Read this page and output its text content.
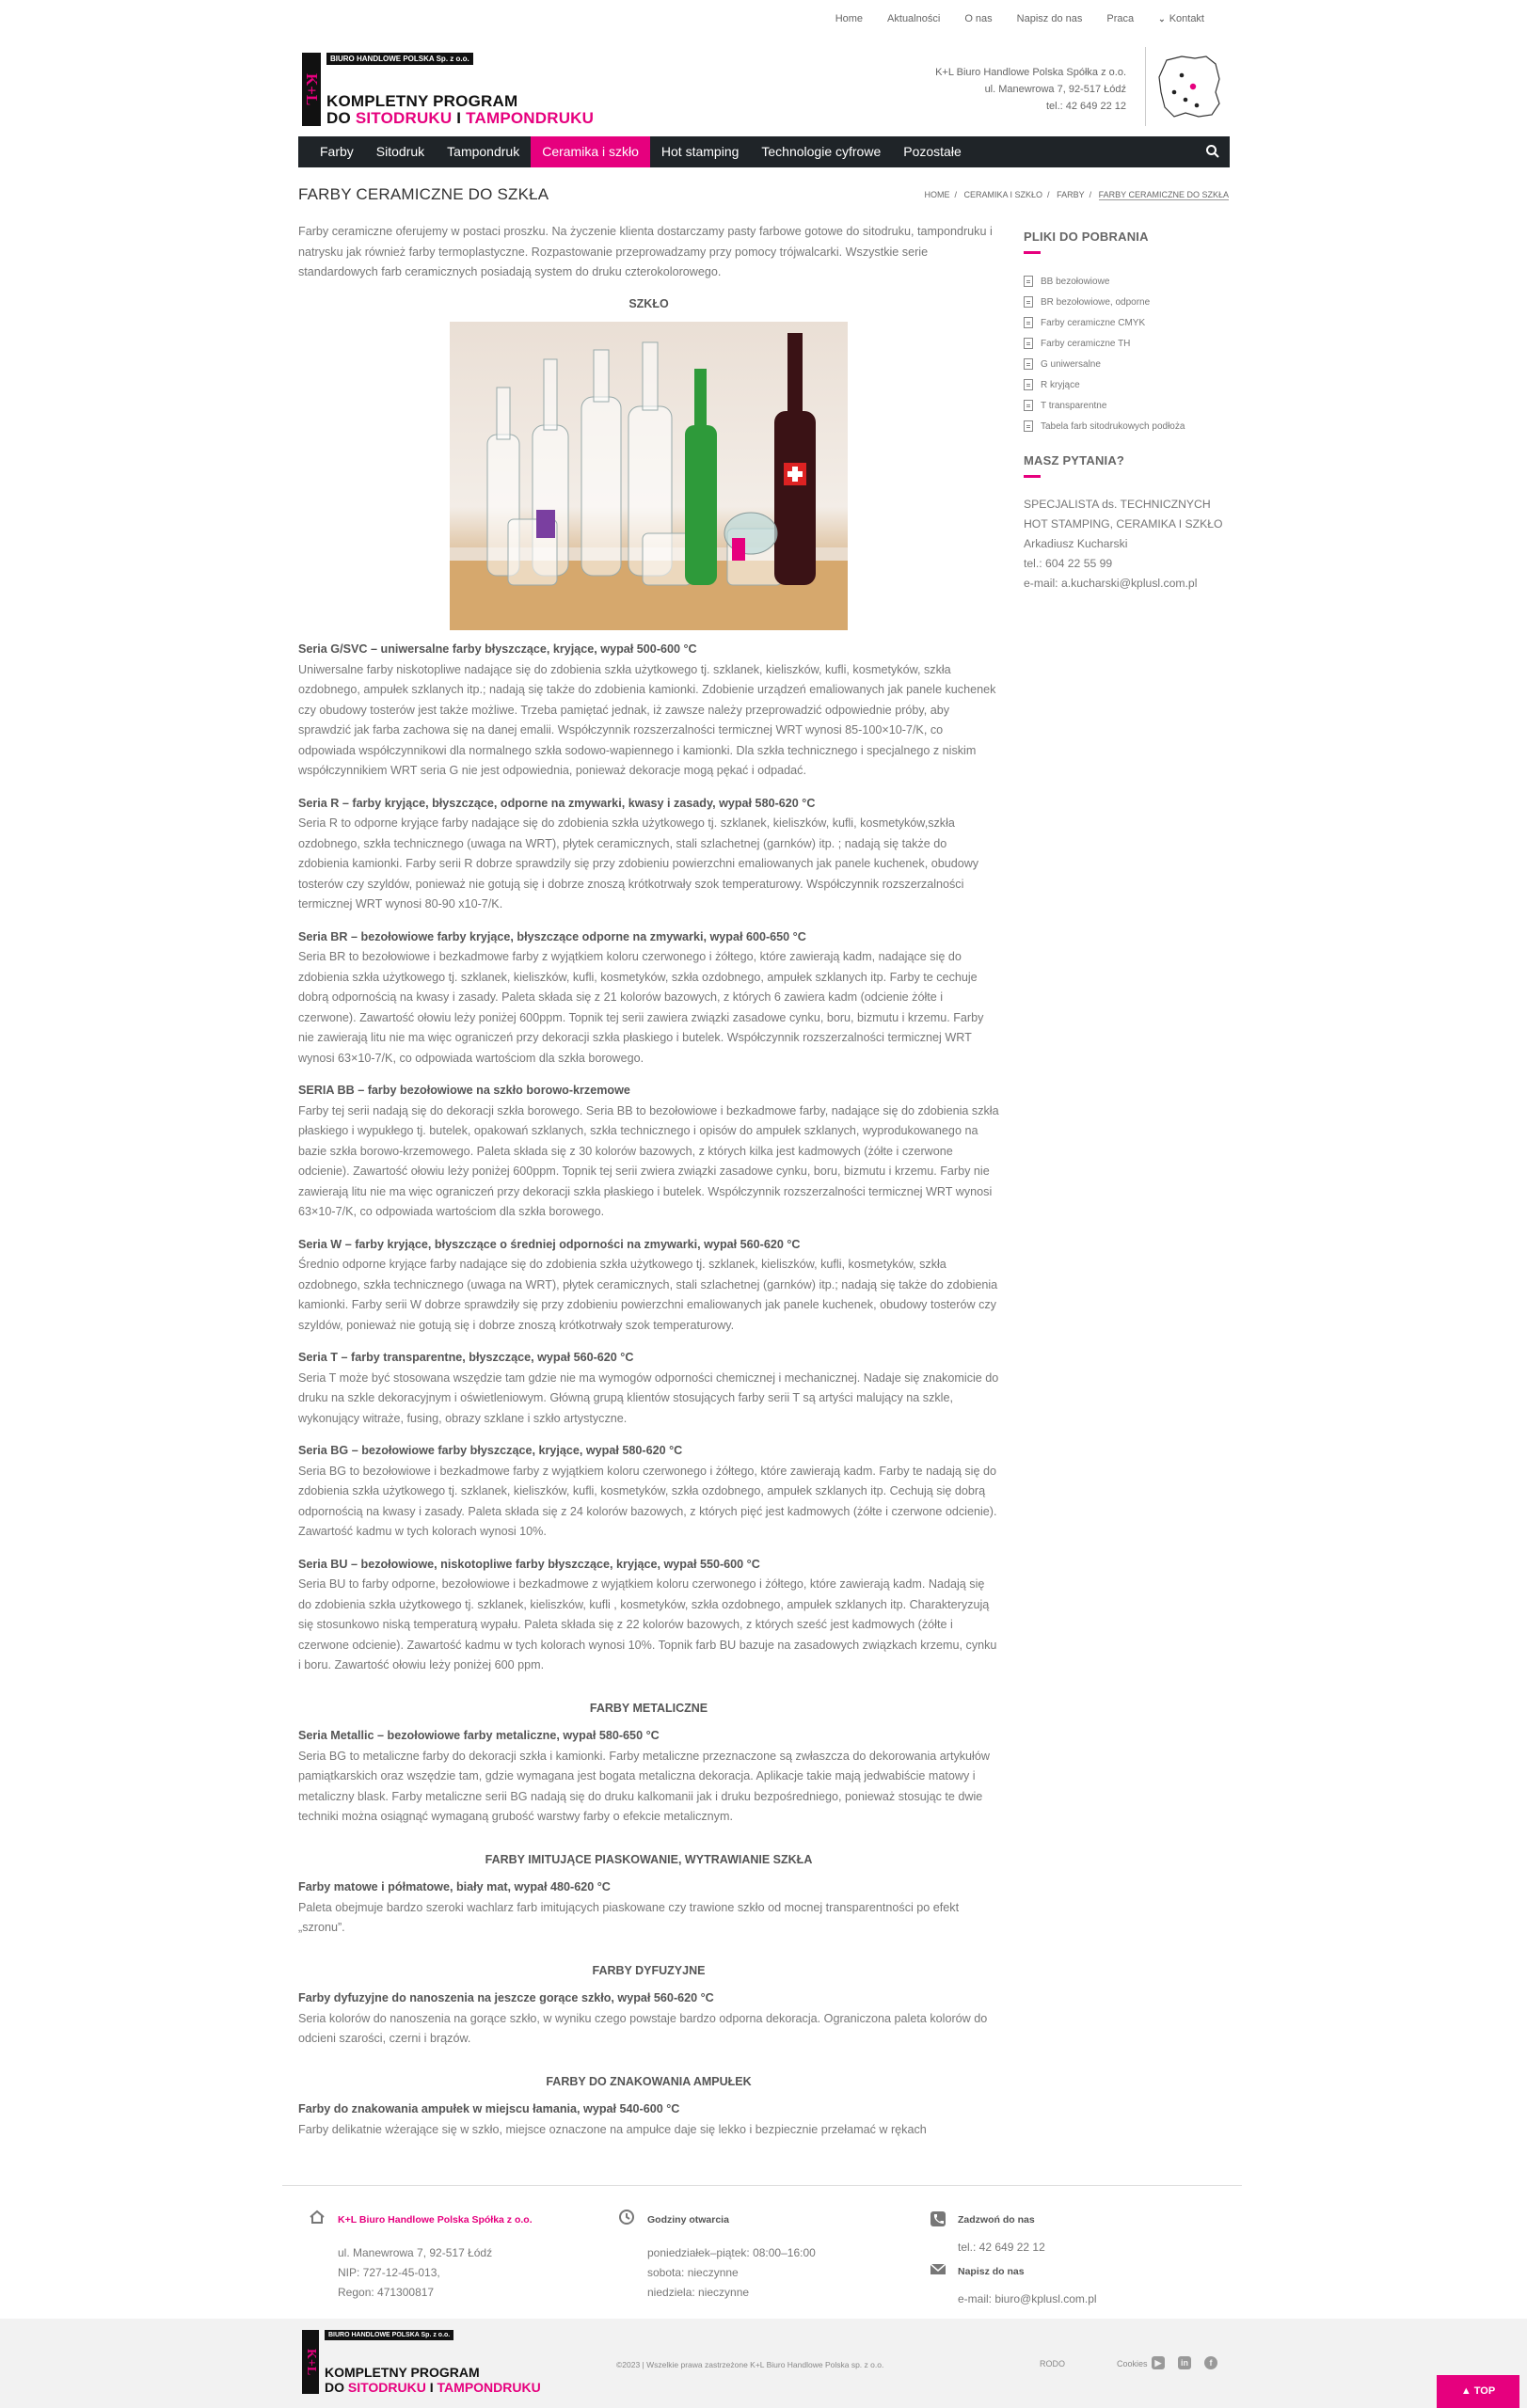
Home	Aktualności	O nas	Napisz do nas	Praca	⌄ Kontakt
K+L
BIURO HANDLOWE POLSKA Sp. z o.o.
KOMPLETNY PROGRAM
DO SITODRUKU I TAMPONDRUKU
K+L Biuro Handlowe Polska Spółka z o.o.
ul. Manewrowa 7, 92-517 Łódź
tel.: 42 649 22 12
Farby	Sitodruk	Tampondruk	Ceramika i szkło	Hot stamping	Technologie cyfrowe	Pozostałe
FARBY CERAMICZNE DO SZKŁA	HOME / CERAMIKA I SZKŁO / FARBY / FARBY CERAMICZNE DO SZKŁA

Farby ceramiczne oferujemy w postaci proszku. Na życzenie klienta dostarczamy pasty farbowe gotowe do sitodruku, tampondruku i natrysku jak również farby termoplastyczne. Rozpastowanie przeprowadzamy przy pomocy trójwalcarki. Wszystkie serie standardowych farb ceramicznych posiadają system do druku czterokolorowego.

SZKŁO
Seria G/SVC – uniwersalne farby błyszczące, kryjące, wypał 500-600 °C
Uniwersalne farby niskotopliwe nadające się do zdobienia szkła użytkowego tj. szklanek, kieliszków, kufli, kosmetyków, szkła ozdobnego, ampułek szklanych itp.; nadają się także do zdobienia kamionki. Zdobienie urządzeń emaliowanych jak panele kuchenek czy obudowy tosterów jest także możliwe. Trzeba pamiętać jednak, iż zawsze należy przeprowadzić odpowiednie próby, aby sprawdzić jak farba zachowa się na danej emalii. Współczynnik rozszerzalności termicznej WRT wynosi 85-100×10-7/K, co odpowiada współczynnikowi dla normalnego szkła sodowo-wapiennego i kamionki. Dla szkła technicznego i specjalnego z niskim współczynnikiem WRT seria G nie jest odpowiednia, ponieważ dekoracje mogą pękać i odpadać.
Seria R – farby kryjące, błyszczące, odporne na zmywarki, kwasy i zasady, wypał 580-620 °C
Seria R to odporne kryjące farby nadające się do zdobienia szkła użytkowego tj. szklanek, kieliszków, kufli, kosmetyków,szkła ozdobnego, szkła technicznego (uwaga na WRT), płytek ceramicznych, stali szlachetnej (garnków) itp. ; nadają się także do zdobienia kamionki. Farby serii R dobrze sprawdzily się przy zdobieniu powierzchni emaliowanych jak panele kuchenek, obudowy tosterów czy szyldów, ponieważ nie gotują się i dobrze znoszą krótkotrwały szok temperaturowy. Współczynnik rozszerzalności termicznej WRT wynosi 80-90 x10-7/K.
Seria BR – bezołowiowe farby kryjące, błyszczące odporne na zmywarki, wypał 600-650 °C
Seria BR to bezołowiowe i bezkadmowe farby z wyjątkiem koloru czerwonego i żółtego, które zawierają kadm, nadające się do zdobienia szkła użytkowego tj. szklanek, kieliszków, kufli, kosmetyków, szkła ozdobnego, ampułek szklanych itp. Farby te cechuje dobrą odpornością na kwasy i zasady. Paleta składa się z 21 kolorów bazowych, z których 6 zawiera kadm (odcienie żółte i czerwone). Zawartość ołowiu leży poniżej 600ppm. Topnik tej serii zawiera związki zasadowe cynku, boru, bizmutu i krzemu. Farby nie zawierają litu nie ma więc ograniczeń przy dekoracji szkła płaskiego i butelek. Współczynnik rozszerzalności termicznej WRT wynosi 63×10-7/K, co odpowiada wartościom dla szkła borowego.
SERIA BB – farby bezołowiowe na szkło borowo-krzemowe
Farby tej serii nadają się do dekoracji szkła borowego. Seria BB to bezołowiowe i bezkadmowe farby, nadające się do zdobienia szkła płaskiego i wypukłego tj. butelek, opakowań szklanych, szkła technicznego i opisów do ampułek szklanych, wyprodukowanego na bazie szkła borowo-krzemowego. Paleta składa się z 30 kolorów bazowych, z których kilka jest kadmowych (żółte i czerwone odcienie). Zawartość ołowiu leży poniżej 600ppm. Topnik tej serii zwiera związki zasadowe cynku, boru, bizmutu i krzemu. Farby nie zawierają litu nie ma więc ograniczeń przy dekoracji szkła płaskiego i butelek. Współczynnik rozszerzalności termicznej WRT wynosi 63×10-7/K, co odpowiada wartościom dla szkła borowego.
Seria W – farby kryjące, błyszczące o średniej odporności na zmywarki, wypał 560-620 °C
Średnio odporne kryjące farby nadające się do zdobienia szkła użytkowego tj. szklanek, kieliszków, kufli, kosmetyków, szkła ozdobnego, szkła technicznego (uwaga na WRT), płytek ceramicznych, stali szlachetnej (garnków) itp.; nadają się także do zdobienia kamionki. Farby serii W dobrze sprawdziły się przy zdobieniu powierzchni emaliowanych jak panele kuchenek, obudowy tosterów czy szyldów, ponieważ nie gotują się i dobrze znoszą krótkotrwały szok temperaturowy.
Seria T – farby transparentne, błyszczące, wypał 560-620 °C
Seria T może być stosowana wszędzie tam gdzie nie ma wymogów odporności chemicznej i mechanicznej. Nadaje się znakomicie do druku na szkle dekoracyjnym i oświetleniowym. Główną grupą klientów stosujących farby serii T są artyści malujący na szkle, wykonujący witraże, fusing, obrazy szklane i szkło artystyczne.
Seria BG – bezołowiowe farby błyszczące, kryjące, wypał 580-620 °C
Seria BG to bezołowiowe i bezkadmowe farby z wyjątkiem koloru czerwonego i żółtego, które zawierają kadm. Farby te nadają się do zdobienia szkła użytkowego tj. szklanek, kieliszków, kufli, kosmetyków, szkła ozdobnego, ampułek szklanych itp. Cechują się dobrą odpornością na kwasy i zasady. Paleta składa się z 24 kolorów bazowych, z których pięć jest kadmowych (żółte i czerwone odcienie). Zawartość kadmu w tych kolorach wynosi 10%.
Seria BU – bezołowiowe, niskotopliwe farby błyszczące, kryjące, wypał 550-600 °C
Seria BU to farby odporne, bezołowiowe i bezkadmowe z wyjątkiem koloru czerwonego i żółtego, które zawierają kadm. Nadają się do zdobienia szkła użytkowego tj. szklanek, kieliszków, kufli , kosmetyków, szkła ozdobnego, ampułek szklanych itp. Charakteryzują się stosunkowo niską temperaturą wypału. Paleta składa się z 22 kolorów bazowych, z których sześć jest kadmowych (żółte i czerwone odcienie). Zawartość kadmu w tych kolorach wynosi 10%. Topnik farb BU bazuje na zasadowych związkach krzemu, cynku i boru. Zawartość ołowiu leży poniżej 600 ppm.
FARBY METALICZNE
Seria Metallic – bezołowiowe farby metaliczne, wypał 580-650 °C
Seria BG to metaliczne farby do dekoracji szkła i kamionki. Farby metaliczne przeznaczone są zwłaszcza do dekorowania artykułów pamiątkarskich oraz wszędzie tam, gdzie wymagana jest bogata metaliczna dekoracja. Aplikacje takie mają jedwabiście matowy i metaliczny blask. Farby metaliczne serii BG nadają się do druku kalkomanii jak i druku bezpośredniego, ponieważ stosując te dwie techniki można osiągnąć wymaganą grubość warstwy farby o efekcie metalicznym.
FARBY IMITUJĄCE PIASKOWANIE, WYTRAWIANIE SZKŁA
Farby matowe i półmatowe, biały mat, wypał 480-620 °C
Paleta obejmuje bardzo szeroki wachlarz farb imitujących piaskowane czy trawione szkło od mocnej transparentności po efekt „szronu”.
FARBY DYFUZYJNE
Farby dyfuzyjne do nanoszenia na jeszcze gorące szkło, wypał 560-620 °C
Seria kolorów do nanoszenia na gorące szkło, w wyniku czego powstaje bardzo odporna dekoracja. Ograniczona paleta kolorów do odcieni szarości, czerni i brązów.
FARBY DO ZNAKOWANIA AMPUŁEK
Farby do znakowania ampułek w miejscu łamania, wypał 540-600 °C
Farby delikatnie wżerające się w szkło, miejsce oznaczone na ampułce daje się lekko i bezpiecznie przełamać w rękach
PLIKI DO POBRANIA
BB bezołowiowe
BR bezołowiowe, odporne
Farby ceramiczne CMYK
Farby ceramiczne TH
G uniwersalne
R kryjące
T transparentne
Tabela farb sitodrukowych podłoża
MASZ PYTANIA?
SPECJALISTA ds. TECHNICZNYCH
HOT STAMPING, CERAMIKA I SZKŁO
Arkadiusz Kucharski
tel.: 604 22 55 99
e-mail: a.kucharski@kplusl.com.pl
K+L Biuro Handlowe Polska Spółka z o.o.
ul. Manewrowa 7, 92-517 Łódź
NIP: 727-12-45-013,
Regon: 471300817
Godziny otwarcia
poniedziałek–piątek: 08:00–16:00
sobota: nieczynne
niedziela: nieczynne
Zadzwoń do nas
tel.: 42 649 22 12
Napisz do nas
e-mail: biuro@kplusl.com.pl
K+L
BIURO HANDLOWE POLSKA Sp. z o.o.
KOMPLETNY PROGRAM
DO SITODRUKU I TAMPONDRUKU
©2023 | Wszelkie prawa zastrzeżone K+L Biuro Handlowe Polska sp. z o.o.	RODO	Cookies ▶	in	f
▲ TOP
